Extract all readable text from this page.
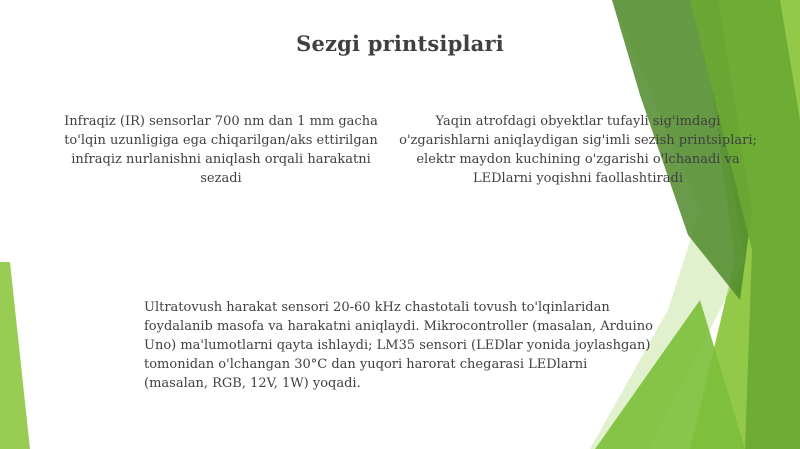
Sezgi printsiplari
Infraqiz (IR) sensorlar 700 nm dan 1 mm gacha to'lqin uzunligiga ega chiqarilgan/aks ettirilgan infraqiz nurlanishni aniqlash orqali harakatni sezadi
Yaqin atrofdagi obyektlar tufayli sig'imdagi o'zgarishlarni aniqlaydigan sig'imli sezish printsiplari; elektr maydon kuchining o'zgarishi o'lchanadi va LEDlarni yoqishni faollashtiradi
Ultratovush harakat sensori 20-60 kHz chastotali tovush to'lqinlaridan foydalanib masofa va harakatni aniqlaydi. Mikrocontroller (masalan, Arduino Uno) ma'lumotlarni qayta ishlaydi; LM35 sensori (LEDlar yonida joylashgan) tomonidan o'lchangan 30°C dan yuqori harorat chegarasi LEDlarni (masalan, RGB, 12V, 1W) yoqadi.
